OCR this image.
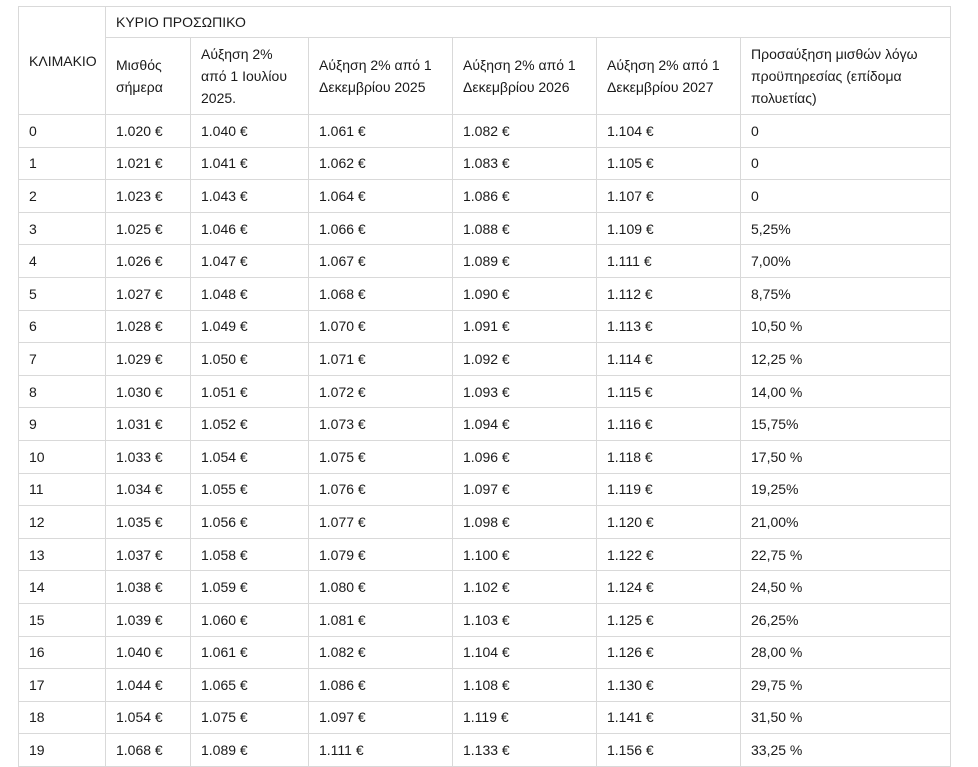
ΚΛΙΜΑΚΙΟ	ΚΥΡΙΟ ΠΡΟΣΩΠΙΚΟ					
	Μισθός σήμερα	Αύξηση 2% από 1 Ιουλίου 2025.	Αύξηση 2% από 1 Δεκεμβρίου 2025	Αύξηση 2% από 1 Δεκεμβρίου 2026	Αύξηση 2% από 1 Δεκεμβρίου 2027	Προσαύξηση μισθών λόγω προϋπηρεσίας (επίδομα πολυετίας)
0	1.020 €	1.040 €	1.061 €	1.082 €	1.104 €	0
1	1.021 €	1.041 €	1.062 €	1.083 €	1.105 €	0
2	1.023 €	1.043 €	1.064 €	1.086 €	1.107 €	0
3	1.025 €	1.046 €	1.066 €	1.088 €	1.109 €	5,25%
4	1.026 €	1.047 €	1.067 €	1.089 €	1.111 €	7,00%
5	1.027 €	1.048 €	1.068 €	1.090 €	1.112 €	8,75%
6	1.028 €	1.049 €	1.070 €	1.091 €	1.113 €	10,50 %
7	1.029 €	1.050 €	1.071 €	1.092 €	1.114 €	12,25 %
8	1.030 €	1.051 €	1.072 €	1.093 €	1.115 €	14,00 %
9	1.031 €	1.052 €	1.073 €	1.094 €	1.116 €	15,75%
10	1.033 €	1.054 €	1.075 €	1.096 €	1.118 €	17,50 %
11	1.034 €	1.055 €	1.076 €	1.097 €	1.119 €	19,25%
12	1.035 €	1.056 €	1.077 €	1.098 €	1.120 €	21,00%
13	1.037 €	1.058 €	1.079 €	1.100 €	1.122 €	22,75 %
14	1.038 €	1.059 €	1.080 €	1.102 €	1.124 €	24,50 %
15	1.039 €	1.060 €	1.081 €	1.103 €	1.125 €	26,25%
16	1.040 €	1.061 €	1.082 €	1.104 €	1.126 €	28,00 %
17	1.044 €	1.065 €	1.086 €	1.108 €	1.130 €	29,75 %
18	1.054 €	1.075 €	1.097 €	1.119 €	1.141 €	31,50 %
19	1.068 €	1.089 €	1.111 €	1.133 €	1.156 €	33,25 %
